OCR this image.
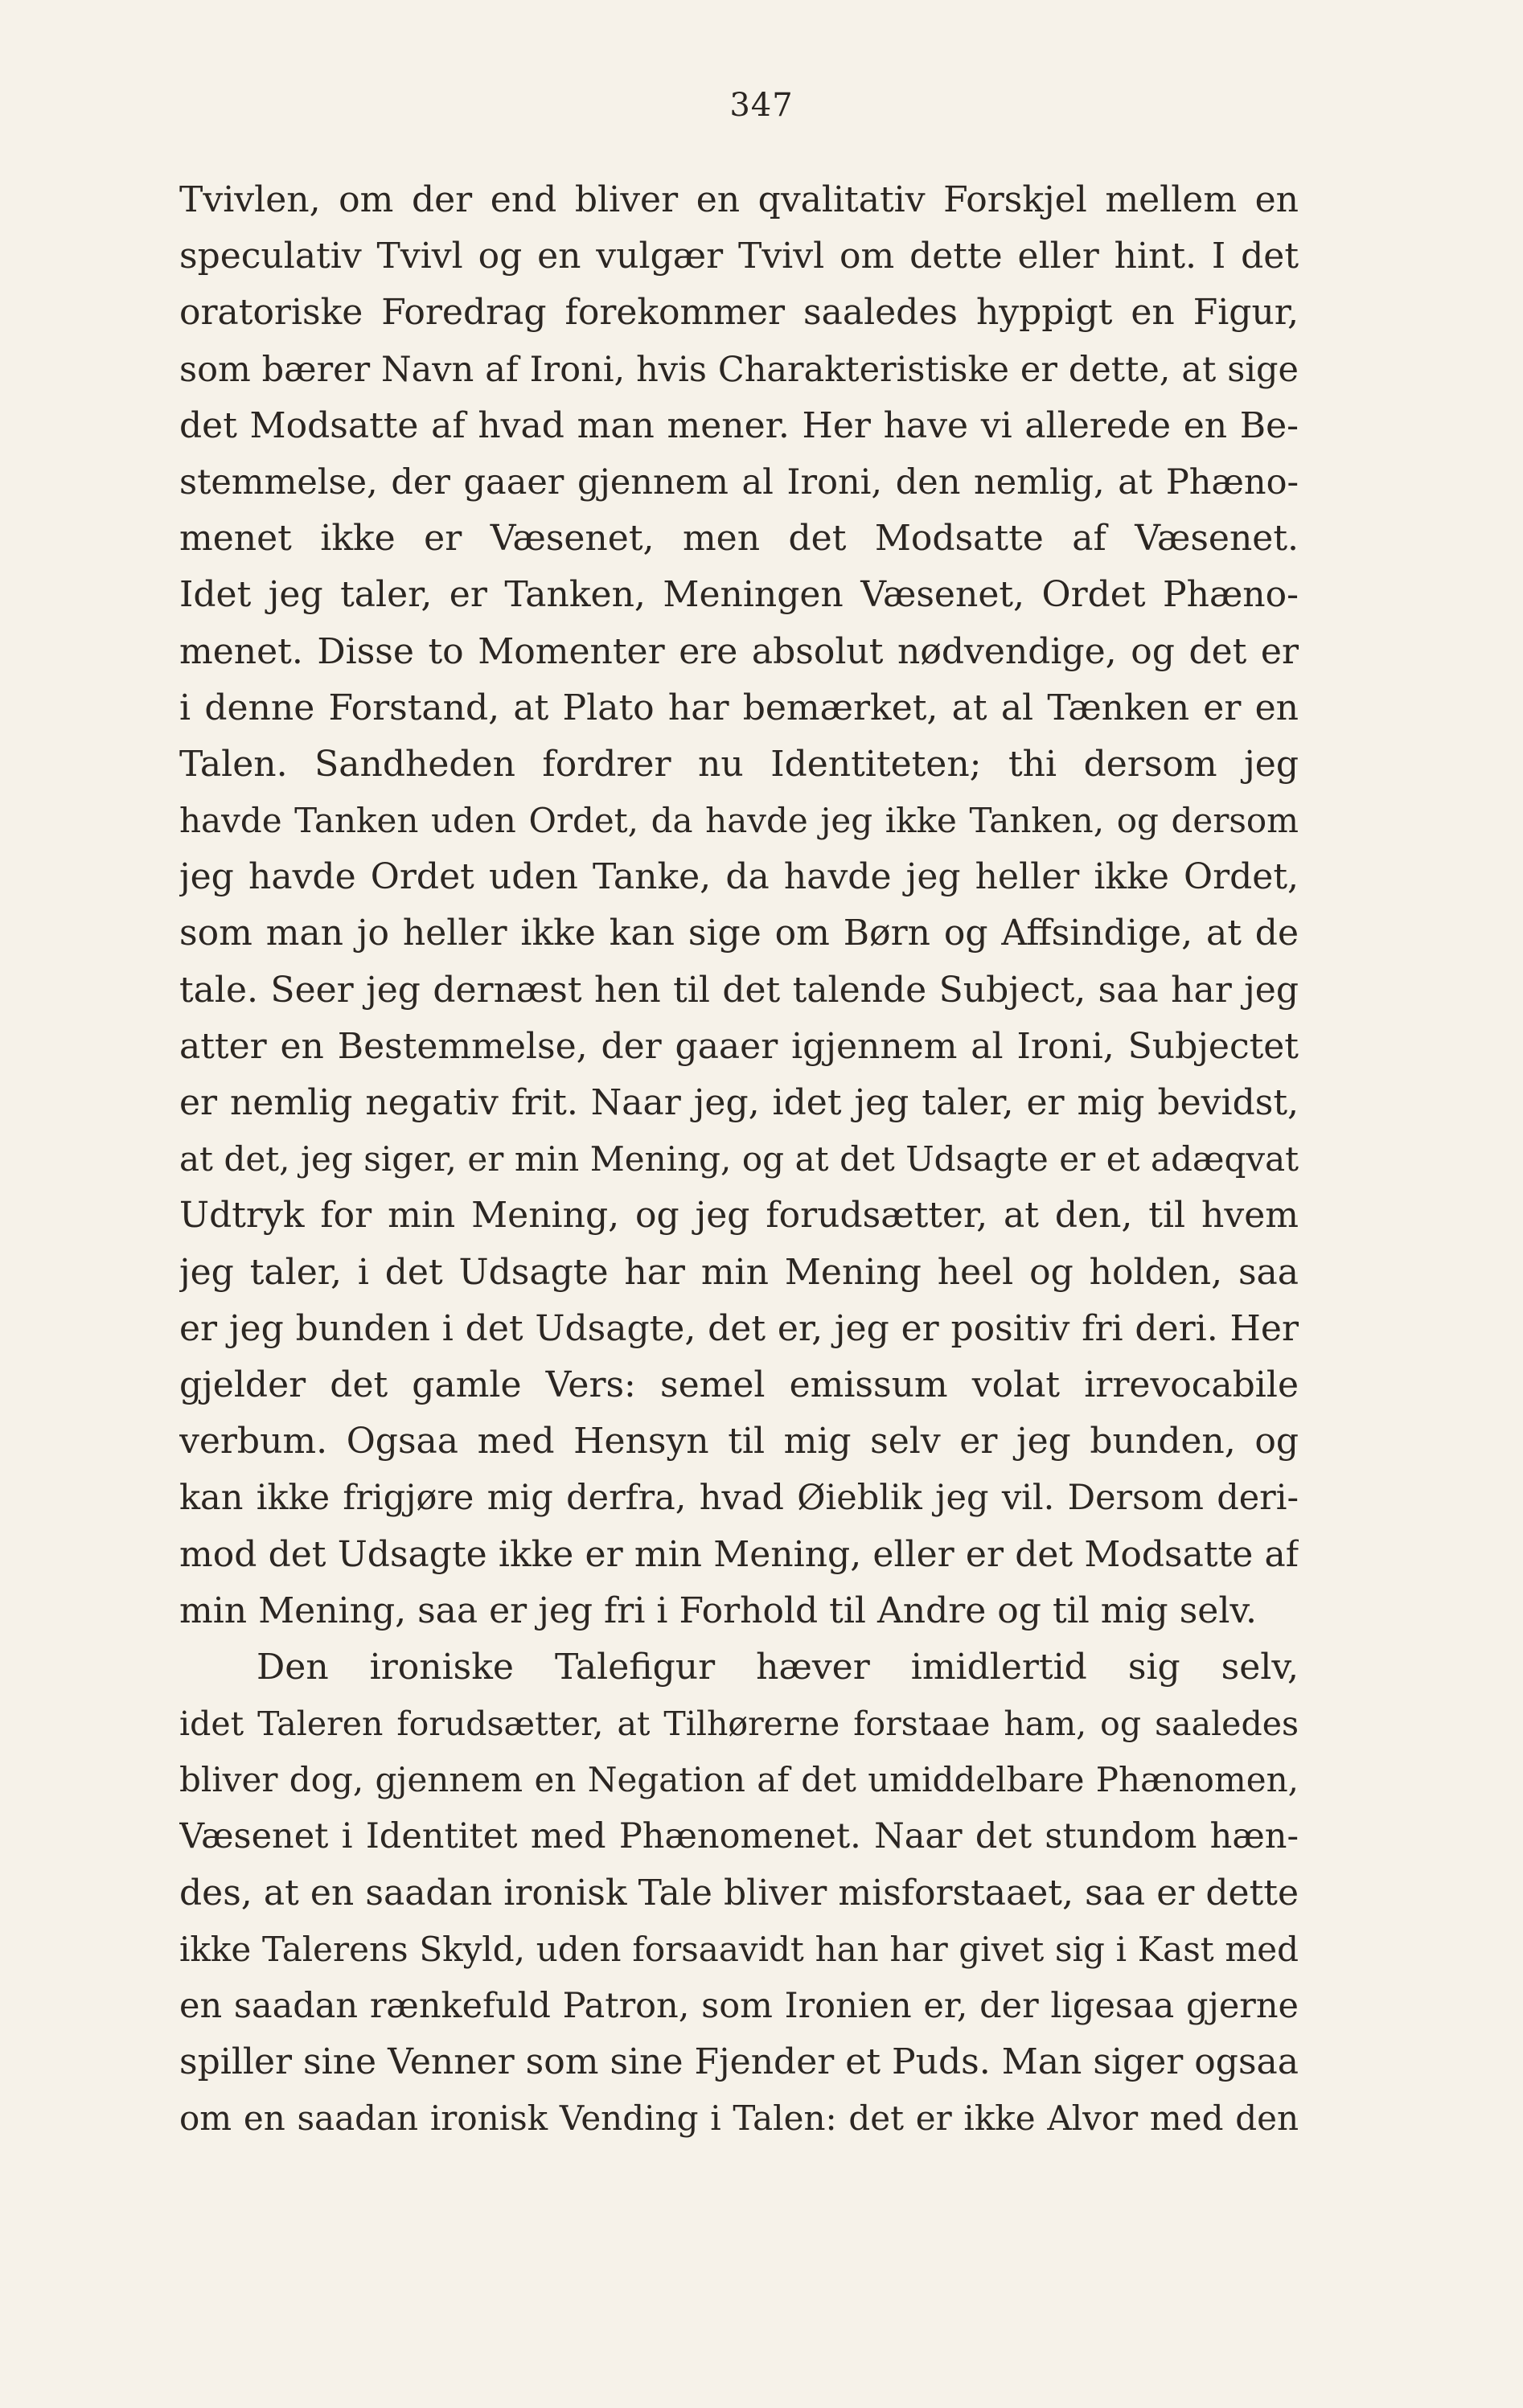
347
Tvivlen, om der end bliver en qvalitativ Forskjel mellem en
speculativ Tvivl og en vulgær Tvivl om dette eller hint. I det
oratoriske Foredrag forekommer saaledes hyppigt en Figur,
som bærer Navn af Ironi, hvis Charakteristiske er dette, at sige
det Modsatte af hvad man mener. Her have vi allerede en Be-
stemmelse, der gaaer gjennem al Ironi, den nemlig, at Phæno-
menet ikke er Væsenet, men det Modsatte af Væsenet.
Idet jeg taler, er Tanken, Meningen Væsenet, Ordet Phæno-
menet. Disse to Momenter ere absolut nødvendige, og det er
i denne Forstand, at Plato har bemærket, at al Tænken er en
Talen. Sandheden fordrer nu Identiteten; thi dersom jeg
havde Tanken uden Ordet, da havde jeg ikke Tanken, og dersom
jeg havde Ordet uden Tanke, da havde jeg heller ikke Ordet,
som man jo heller ikke kan sige om Børn og Affsindige, at de
tale. Seer jeg dernæst hen til det talende Subject, saa har jeg
atter en Bestemmelse, der gaaer igjennem al Ironi, Subjectet
er nemlig negativ frit. Naar jeg, idet jeg taler, er mig bevidst,
at det, jeg siger, er min Mening, og at det Udsagte er et adæqvat
Udtryk for min Mening, og jeg forudsætter, at den, til hvem
jeg taler, i det Udsagte har min Mening heel og holden, saa
er jeg bunden i det Udsagte, det er, jeg er positiv fri deri. Her
gjelder det gamle Vers: semel emissum volat irrevocabile
verbum. Ogsaa med Hensyn til mig selv er jeg bunden, og
kan ikke frigjøre mig derfra, hvad Øieblik jeg vil. Dersom deri-
mod det Udsagte ikke er min Mening, eller er det Modsatte af
min Mening, saa er jeg fri i Forhold til Andre og til mig selv.
Den ironiske Talefigur hæver imidlertid sig selv,
idet Taleren forudsætter, at Tilhørerne forstaae ham, og saaledes
bliver dog, gjennem en Negation af det umiddelbare Phænomen,
Væsenet i Identitet med Phænomenet. Naar det stundom hæn-
des, at en saadan ironisk Tale bliver misforstaaet, saa er dette
ikke Talerens Skyld, uden forsaavidt han har givet sig i Kast med
en saadan rænkefuld Patron, som Ironien er, der ligesaa gjerne
spiller sine Venner som sine Fjender et Puds. Man siger ogsaa
om en saadan ironisk Vending i Talen: det er ikke Alvor med den
